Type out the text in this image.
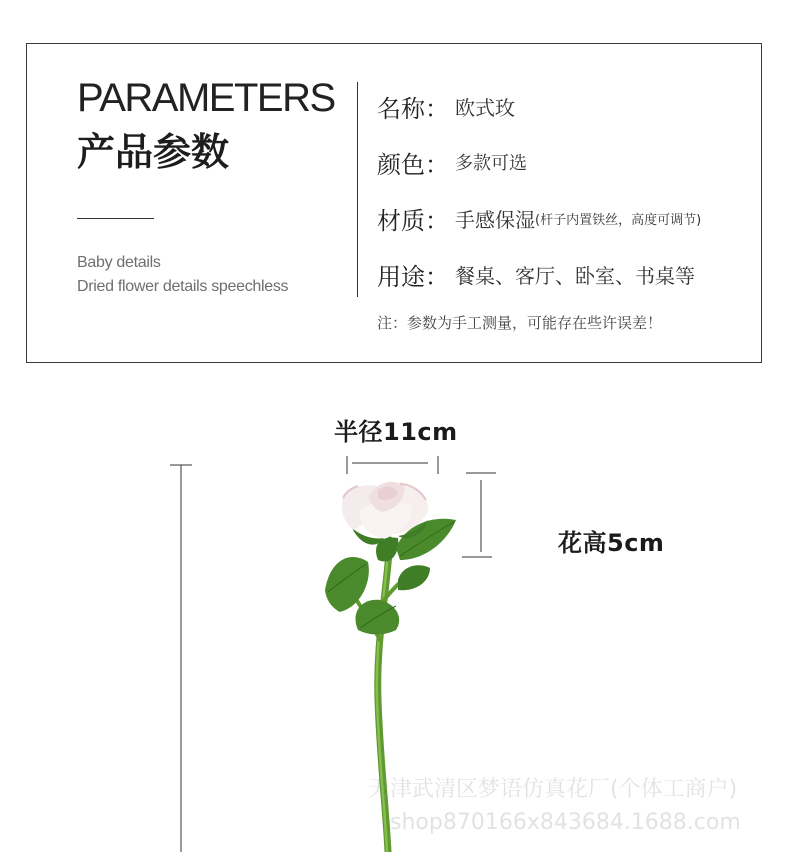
PARAMETERS
产品参数
Baby details
Dried flower details speechless
名称 ： 欧式玫
颜色 ： 多款可选
材质 ： 手感保湿 (杆子内置铁丝，高度可调节)
用途 ： 餐桌、客厅、卧室、书桌等
注：参数为手工测量，可能存在些许误差！
半径11cm
花高5cm
天津武清区梦语仿真花厂(个体工商户)
shop870166x843684.1688.com
